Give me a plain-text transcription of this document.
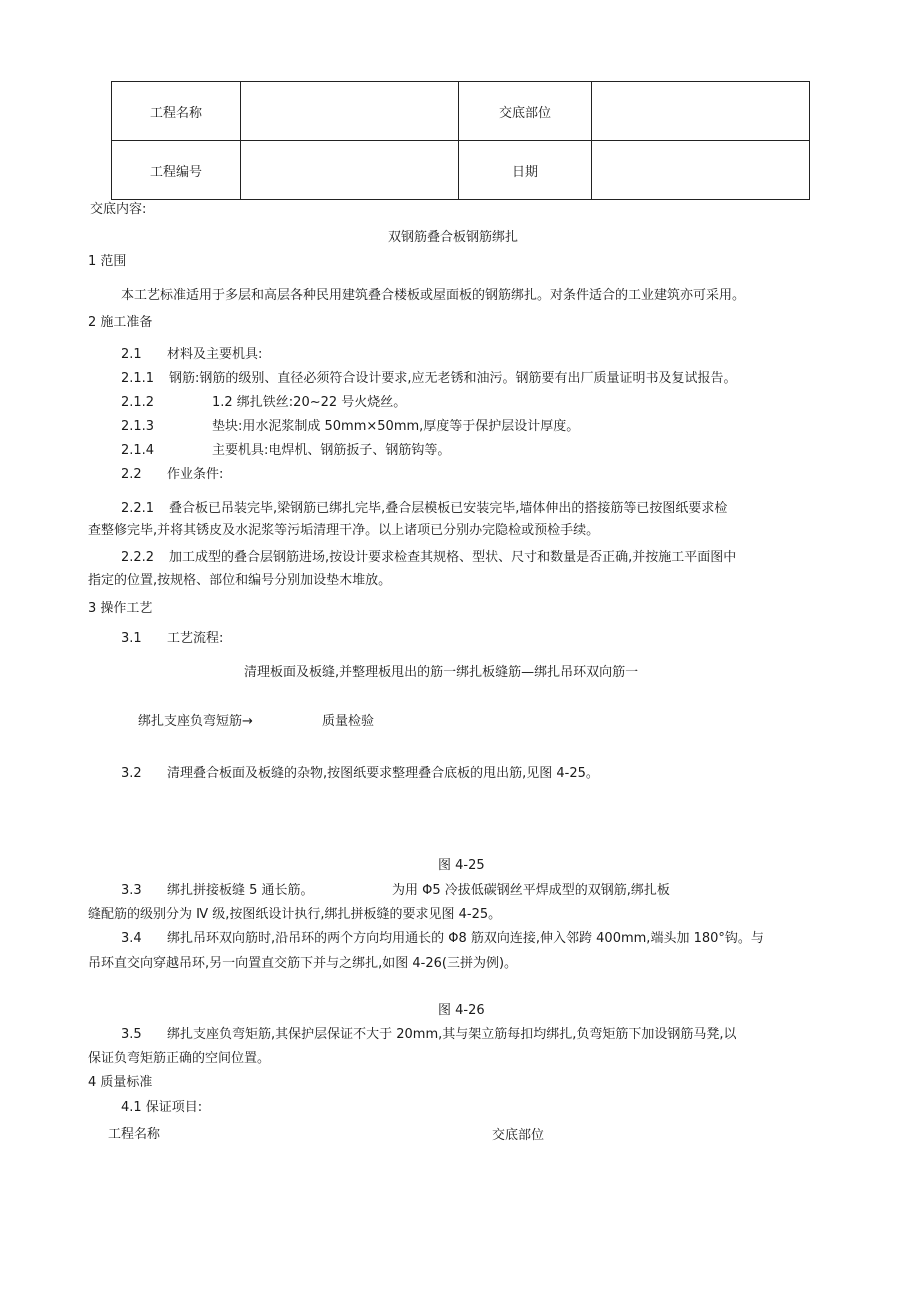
工程名称		交底部位	
工程编号		日期	
交底内容:
双钢筋叠合板钢筋绑扎
1 范围
本工艺标准适用于多层和高层各种民用建筑叠合楼板或屋面板的钢筋绑扎。对条件适合的工业建筑亦可采用。
2 施工准备
2.1 材料及主要机具:
2.1.1 钢筋:钢筋的级别、直径必须符合设计要求,应无老锈和油污。钢筋要有出厂质量证明书及复试报告。
2.1.2	1.2 绑扎铁丝:20~22 号火烧丝。
2.1.3	垫块:用水泥浆制成 50mm×50mm,厚度等于保护层设计厚度。
2.1.4	主要机具:电焊机、钢筋扳子、钢筋钩等。
2.2 作业条件:
2.2.1 叠合板已吊装完毕,梁钢筋已绑扎完毕,叠合层模板已安装完毕,墙体伸出的搭接筋等已按图纸要求检
查整修完毕,并将其锈皮及水泥浆等污垢清理干净。以上诸项已分别办完隐检或预检手续。
2.2.2 加工成型的叠合层钢筋进场,按设计要求检查其规格、型状、尺寸和数量是否正确,并按施工平面图中
指定的位置,按规格、部位和编号分别加设垫木堆放。
3 操作工艺
3.1 工艺流程:
清理板面及板缝,并整理板甩出的筋一绑扎板缝筋—绑扎吊环双向筋一
绑扎支座负弯短筋→	质量检验
3.2 清理叠合板面及板缝的杂物,按图纸要求整理叠合底板的甩出筋,见图 4-25。
图 4-25
3.3 绑扎拼接板缝 5 通长筋。	为用 Φ5 冷拔低碳钢丝平焊成型的双钢筋,绑扎板
缝配筋的级别分为 Ⅳ 级,按图纸设计执行,绑扎拼板缝的要求见图 4-25。
3.4 绑扎吊环双向筋时,沿吊环的两个方向均用通长的 Φ8 筋双向连接,伸入邻跨 400mm,端头加 180°钩。与
吊环直交向穿越吊环,另一向置直交筋下并与之绑扎,如图 4-26(三拼为例)。
图 4-26
3.5 绑扎支座负弯矩筋,其保护层保证不大于 20mm,其与架立筋每扣均绑扎,负弯矩筋下加设钢筋马凳,以
保证负弯矩筋正确的空间位置。
4 质量标准
4.1 保证项目:
工程名称	交底部位
